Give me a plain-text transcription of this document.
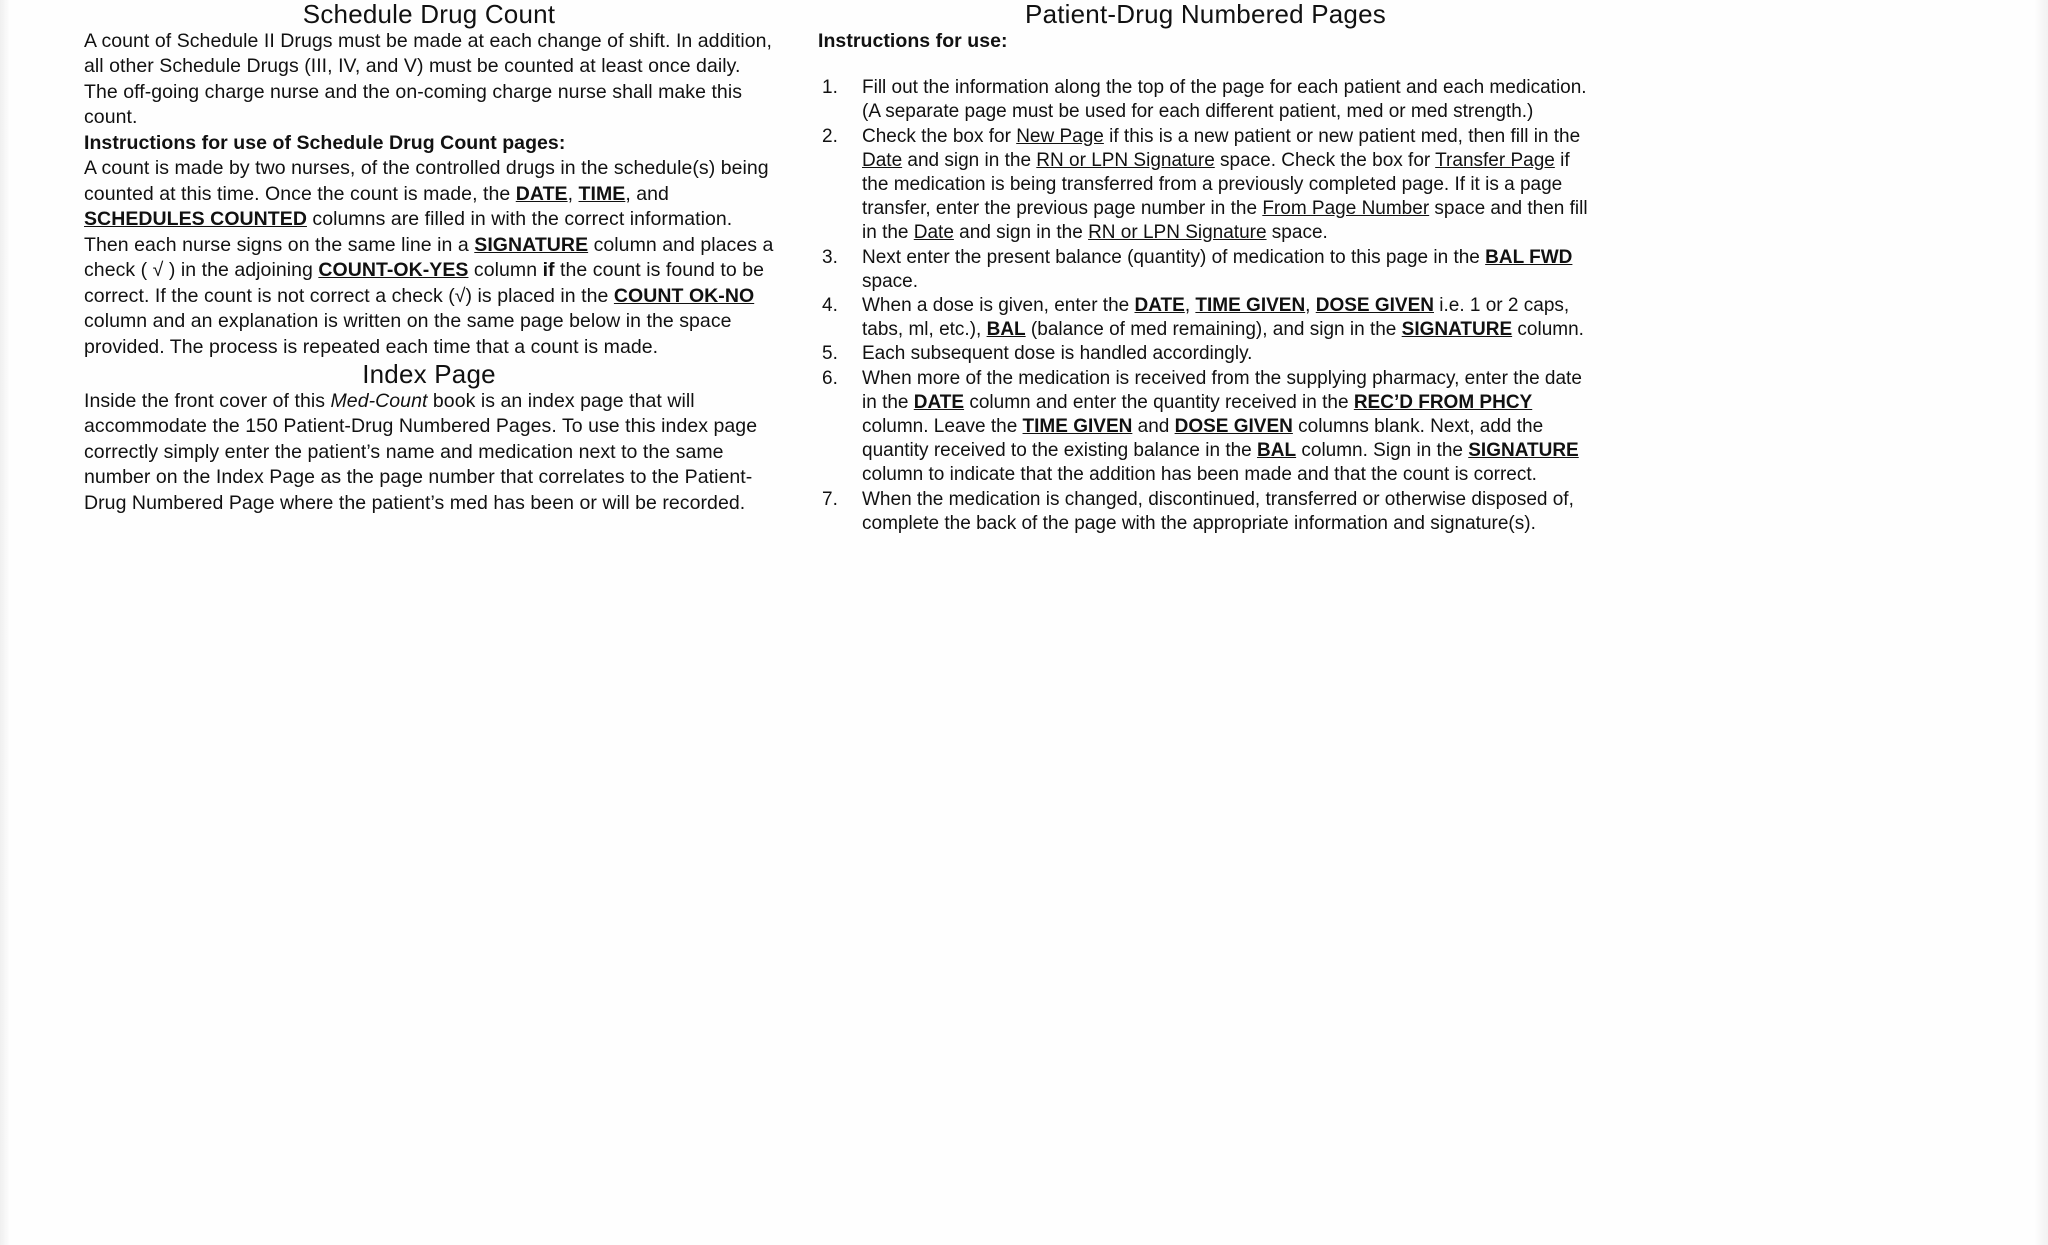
Schedule Drug Count

A count of Schedule II Drugs must be made at each change of shift. In addition, all other Schedule Drugs (III, IV, and V) must be counted at least once daily. The off-going charge nurse and the on-coming charge nurse shall make this count.

Instructions for use of Schedule Drug Count pages:

A count is made by two nurses, of the controlled drugs in the schedule(s) being counted at this time. Once the count is made, the DATE, TIME, and SCHEDULES COUNTED columns are filled in with the correct information. Then each nurse signs on the same line in a SIGNATURE column and places a check ( √ ) in the adjoining COUNT-OK-YES column if the count is found to be correct. If the count is not correct a check (√) is placed in the COUNT OK-NO column and an explanation is written on the same page below in the space provided. The process is repeated each time that a count is made.

Index Page

Inside the front cover of this Med-Count book is an index page that will accommodate the 150 Patient-Drug Numbered Pages. To use this index page correctly simply enter the patient’s name and medication next to the same number on the Index Page as the page number that correlates to the Patient-Drug Numbered Page where the patient’s med has been or will be recorded.

Patient-Drug Numbered Pages

Instructions for use:

Fill out the information along the top of the page for each patient and each medication. (A separate page must be used for each different patient, med or med strength.)
Check the box for New Page if this is a new patient or new patient med, then fill in the Date and sign in the RN or LPN Signature space. Check the box for Transfer Page if the medication is being transferred from a previously completed page. If it is a page transfer, enter the previous page number in the From Page Number space and then fill in the Date and sign in the RN or LPN Signature space.
Next enter the present balance (quantity) of medication to this page in the BAL FWD space.
When a dose is given, enter the DATE, TIME GIVEN, DOSE GIVEN i.e. 1 or 2 caps, tabs, ml, etc.), BAL (balance of med remaining), and sign in the SIGNATURE column.
Each subsequent dose is handled accordingly.
When more of the medication is received from the supplying pharmacy, enter the date in the DATE column and enter the quantity received in the REC’D FROM PHCY column. Leave the TIME GIVEN and DOSE GIVEN columns blank. Next, add the quantity received to the existing balance in the BAL column. Sign in the SIGNATURE column to indicate that the addition has been made and that the count is correct.
When the medication is changed, discontinued, transferred or otherwise disposed of, complete the back of the page with the appropriate information and signature(s).
